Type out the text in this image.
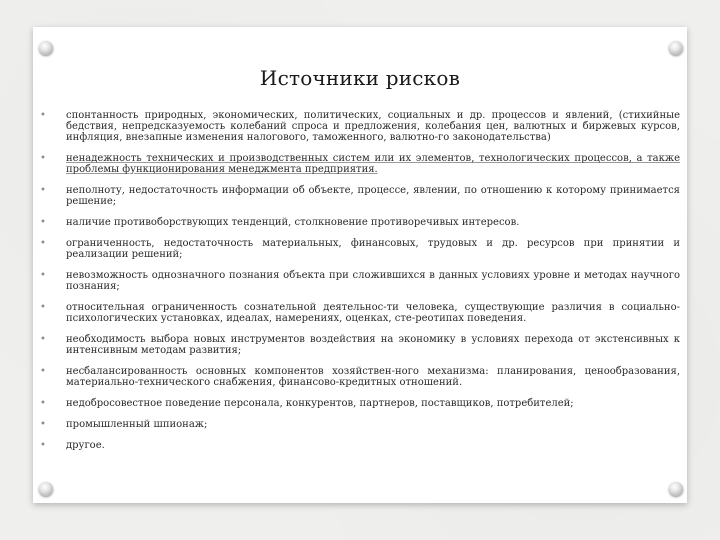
Источники рисков
• спонтанность природных, экономических, политических, социальных и др. процессов и явлений, (стихийные бедствия, непредсказуемость колебаний спроса и предложения, колебания цен, валютных и биржевых курсов, инфляция, внезапные изменения налогового, таможенного, валютно-го законодательства)
• ненадежность технических и производственных систем или их элементов, технологических процессов, а также проблемы функционирования менеджмента предприятия.
• неполноту, недостаточность информации об объекте, процессе, явлении, по отношению к которому принимается решение;
• наличие противоборствующих тенденций, столкновение противоречивых интересов.
• ограниченность, недостаточность материальных, финансовых, трудовых и др. ресурсов при принятии и реализации решений;
• невозможность однозначного познания объекта при сложившихся в данных условиях уровне и методах научного познания;
• относительная ограниченность сознательной деятельнос-ти человека, существующие различия в социально-психологических установках, идеалах, намерениях, оценках, сте-реотипах поведения.
• необходимость выбора новых инструментов воздействия на экономику в условиях перехода от экстенсивных к интенсивным методам развития;
• несбалансированность основных компонентов хозяйствен-ного механизма: планирования, ценообразования, материально-технического снабжения, финансово-кредитных отношений.
• недобросовестное поведение персонала, конкурентов, партнеров, поставщиков, потребителей;
• промышленный шпионаж;
• другое.
